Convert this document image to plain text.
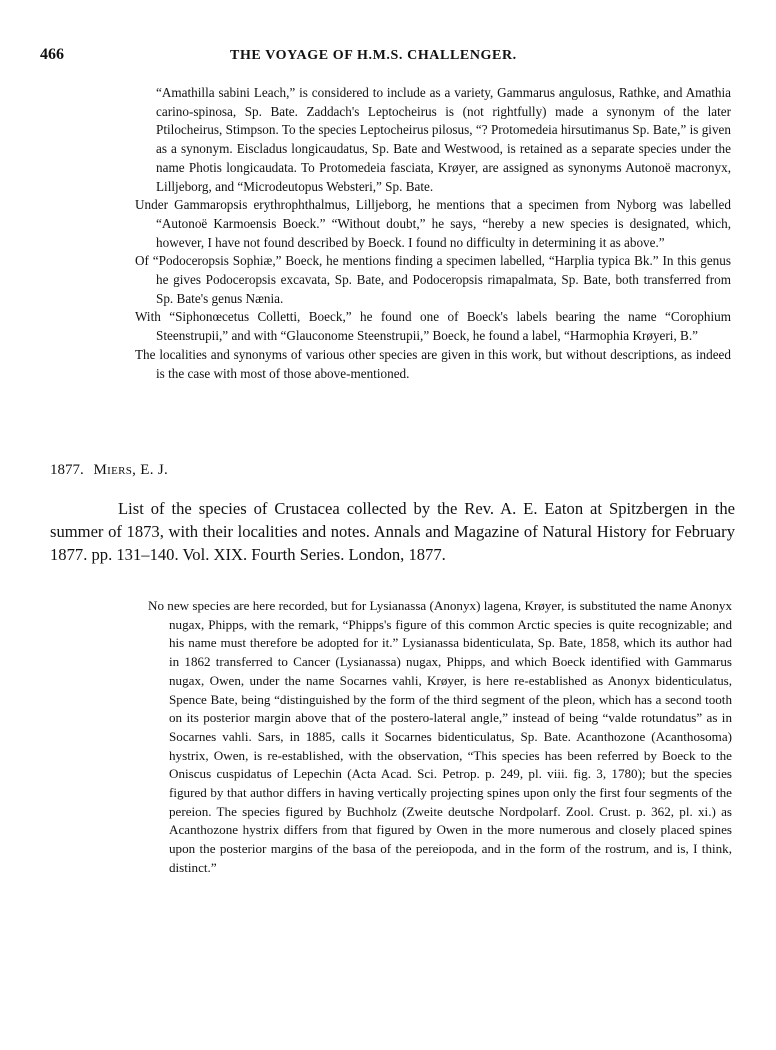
466	THE VOYAGE OF H.M.S. CHALLENGER.

“Amathilla sabini Leach,” is considered to include as a variety, Gammarus angulosus, Rathke, and Amathia carino-spinosa, Sp. Bate. Zaddach's Leptocheirus is (not rightfully) made a synonym of the later Ptilocheirus, Stimpson. To the species Leptocheirus pilosus, “? Protomedeia hirsutimanus Sp. Bate,” is given as a synonym. Eiscladus longicaudatus, Sp. Bate and Westwood, is retained as a separate species under the name Photis longicaudata. To Protomedeia fasciata, Krøyer, are assigned as synonyms Autonoë macronyx, Lilljeborg, and “Microdeutopus Websteri,” Sp. Bate.

Under Gammaropsis erythrophthalmus, Lilljeborg, he mentions that a specimen from Nyborg was labelled “Autonoë Karmoensis Boeck.” “Without doubt,” he says, “hereby a new species is designated, which, however, I have not found described by Boeck. I found no difficulty in determining it as above.”

Of “Podoceropsis Sophiæ,” Boeck, he mentions finding a specimen labelled, “Harplia typica Bk.” In this genus he gives Podoceropsis excavata, Sp. Bate, and Podoceropsis rimapalmata, Sp. Bate, both transferred from Sp. Bate's genus Nænia.

With “Siphonœcetus Colletti, Boeck,” he found one of Boeck's labels bearing the name “Corophium Steenstrupii,” and with “Glauconome Steenstrupii,” Boeck, he found a label, “Harmophia Krøyeri, B.”

The localities and synonyms of various other species are given in this work, but without descriptions, as indeed is the case with most of those above-mentioned.

1877. Miers, E. J.

List of the species of Crustacea collected by the Rev. A. E. Eaton at Spitzbergen in the summer of 1873, with their localities and notes. Annals and Magazine of Natural History for February 1877. pp. 131–140. Vol. XIX. Fourth Series. London, 1877.

No new species are here recorded, but for Lysianassa (Anonyx) lagena, Krøyer, is substituted the name Anonyx nugax, Phipps, with the remark, “Phipps's figure of this common Arctic species is quite recognizable; and his name must therefore be adopted for it.” Lysianassa bidenticulata, Sp. Bate, 1858, which its author had in 1862 transferred to Cancer (Lysianassa) nugax, Phipps, and which Boeck identified with Gammarus nugax, Owen, under the name Socarnes vahli, Krøyer, is here re-established as Anonyx bidenticulatus, Spence Bate, being “distinguished by the form of the third segment of the pleon, which has a second tooth on its posterior margin above that of the postero-lateral angle,” instead of being “valde rotundatus” as in Socarnes vahli. Sars, in 1885, calls it Socarnes bidenticulatus, Sp. Bate. Acanthozone (Acanthosoma) hystrix, Owen, is re-established, with the observation, “This species has been referred by Boeck to the Oniscus cuspidatus of Lepechin (Acta Acad. Sci. Petrop. p. 249, pl. viii. fig. 3, 1780); but the species figured by that author differs in having vertically projecting spines upon only the first four segments of the pereion. The species figured by Buchholz (Zweite deutsche Nordpolarf. Zool. Crust. p. 362, pl. xi.) as Acanthozone hystrix differs from that figured by Owen in the more numerous and closely placed spines upon the posterior margins of the basa of the pereiopoda, and in the form of the rostrum, and is, I think, distinct.”
